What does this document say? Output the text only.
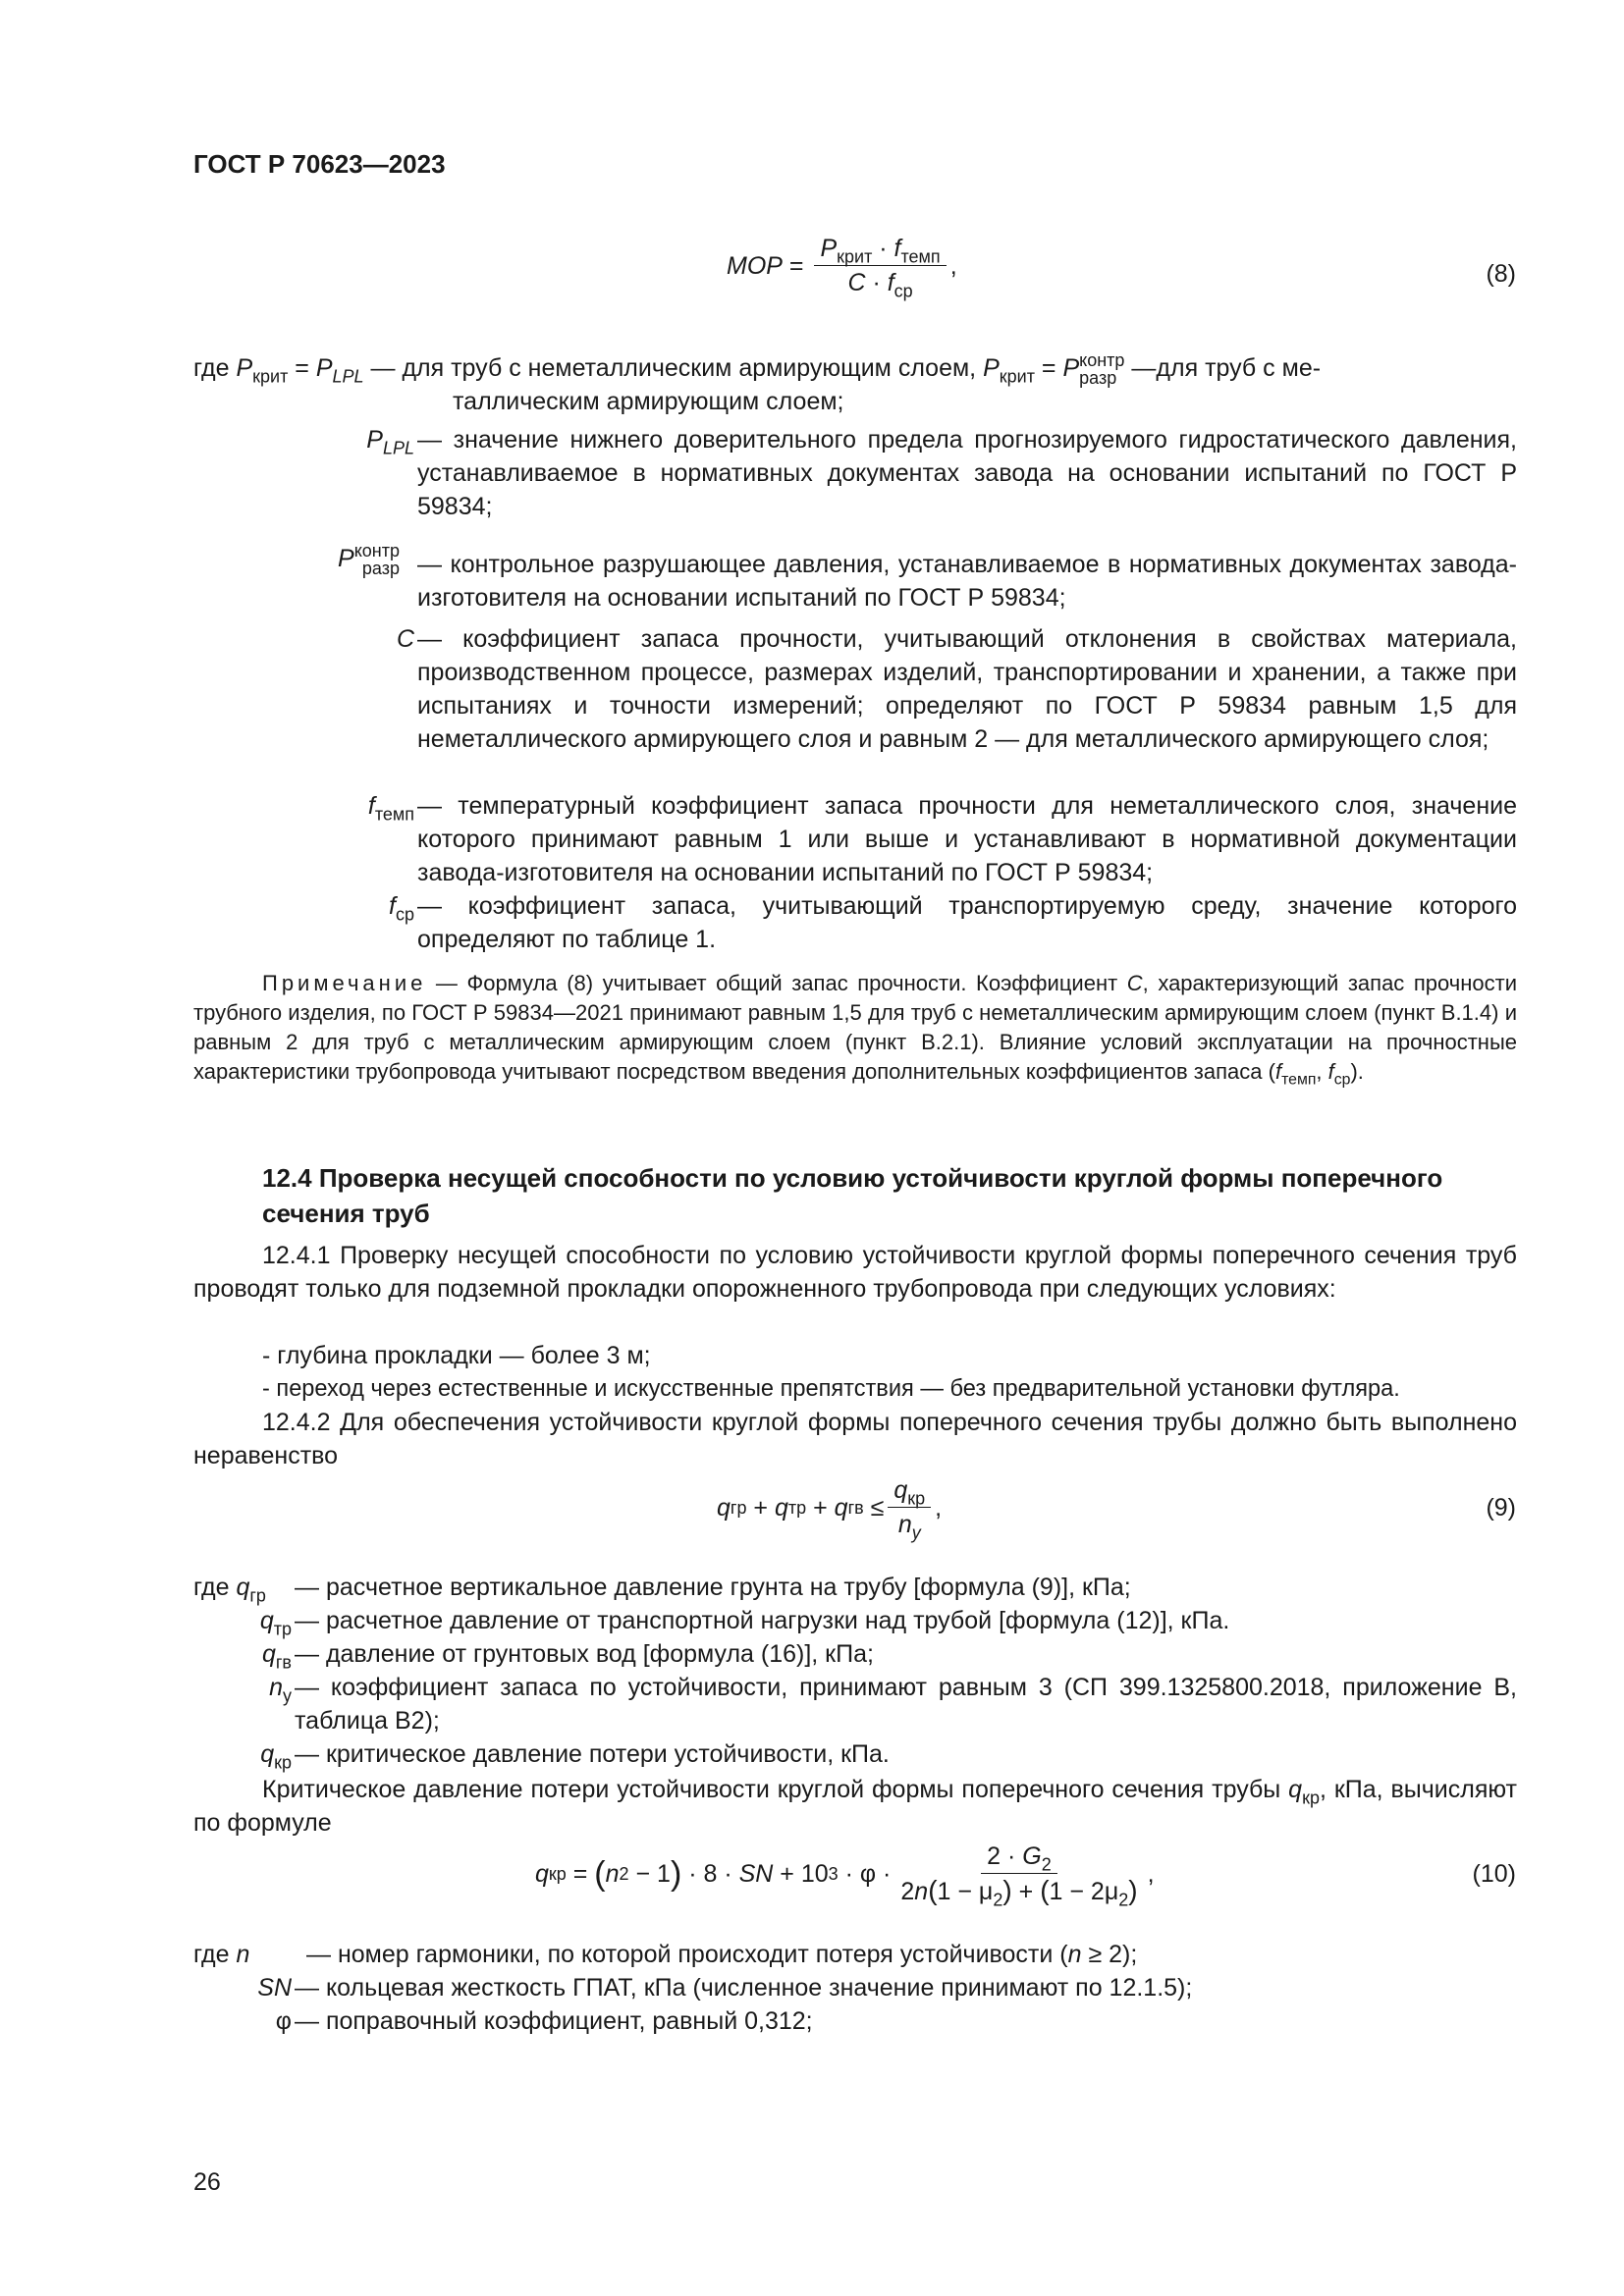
ГОСТ Р 70623—2023
MOP = $\frac{P_{крит} \cdot f_{темп}}{C \cdot f_{ср}}$ ,	(8)
где $P_{крит} = P_{LPL}$ — для труб с неметаллическим армирующим слоем, $P_{крит} = P$ контр
разр —для труб с ме-
таллическим армирующим слоем;
$P_{LPL}$ — значение нижнего доверительного предела прогнозируемого гидростатического давления, устанавливаемое в нормативных документах завода на основании испытаний по ГОСТ Р 59834;
P контр
разр — контрольное разрушающее давления, устанавливаемое в нормативных документах завода-изготовителя на основании испытаний по ГОСТ Р 59834;
C — коэффициент запаса прочности, учитывающий отклонения в свойствах материала, производственном процессе, размерах изделий, транспортировании и хранении, а также при испытаниях и точности измерений; определяют по ГОСТ Р 59834 равным 1,5 для неметаллического армирующего слоя и равным 2 — для металлического армирующего слоя;
$f_{темп}$ — температурный коэффициент запаса прочности для неметаллического слоя, значение которого принимают равным 1 или выше и устанавливают в нормативной документации завода-изготовителя на основании испытаний по ГОСТ Р 59834;
$f_{ср}$ — коэффициент запаса, учитывающий транспортируемую среду, значение которого определяют по таблице 1.
Примечание — Формула (8) учитывает общий запас прочности. Коэффициент C, характеризующий запас прочности трубного изделия, по ГОСТ Р 59834—2021 принимают равным 1,5 для труб с неметаллическим армирующим слоем (пункт В.1.4) и равным 2 для труб с металлическим армирующим слоем (пункт В.2.1). Влияние условий эксплуатации на прочностные характеристики трубопровода учитывают посредством введения дополнительных коэффициентов запаса ($f_{темп}$, $f_{ср}$).
12.4 Проверка несущей способности по условию устойчивости круглой формы поперечного сечения труб
12.4.1 Проверку несущей способности по условию устойчивости круглой формы поперечного сечения труб проводят только для подземной прокладки опорожненного трубопровода при следующих условиях:
- глубина прокладки — более 3 м;
- переход через естественные и искусственные препятствия — без предварительной установки футляра.
12.4.2 Для обеспечения устойчивости круглой формы поперечного сечения трубы должно быть выполнено неравенство
q гр + q тр + q гв ≤ $\frac{q_{кр}}{n_y}$ ,	(9)
где $q_{гр}$	— расчетное вертикальное давление грунта на трубу [формула (9)], кПа;
$q_{тр}$ — расчетное давление от транспортной нагрузки над трубой [формула (12)], кПа.
$q_{гв}$ — давление от грунтовых вод [формула (16)], кПа;
$n_у$ — коэффициент запаса по устойчивости, принимают равным 3 (СП 399.1325800.2018, приложение В, таблица В2);
$q_{кр}$ — критическое давление потери устойчивости, кПа.
Критическое давление потери устойчивости круглой формы поперечного сечения трубы $q_{кр}$, кПа, вычисляют по формуле
q кр = ( n 2 − 1 ) · 8 · SN + 10 $3 \cdot \varphi \cdot \frac{2 \cdot G_2}{2n(1 - \mu_2) + (1 - 2\mu_2)}$ ,	(10)
где n	— номер гармоники, по которой происходит потеря устойчивости (n ≥ 2);
SN — кольцевая жесткость ГПАТ, кПа (численное значение принимают по 12.1.5);
φ — поправочный коэффициент, равный 0,312;
26
